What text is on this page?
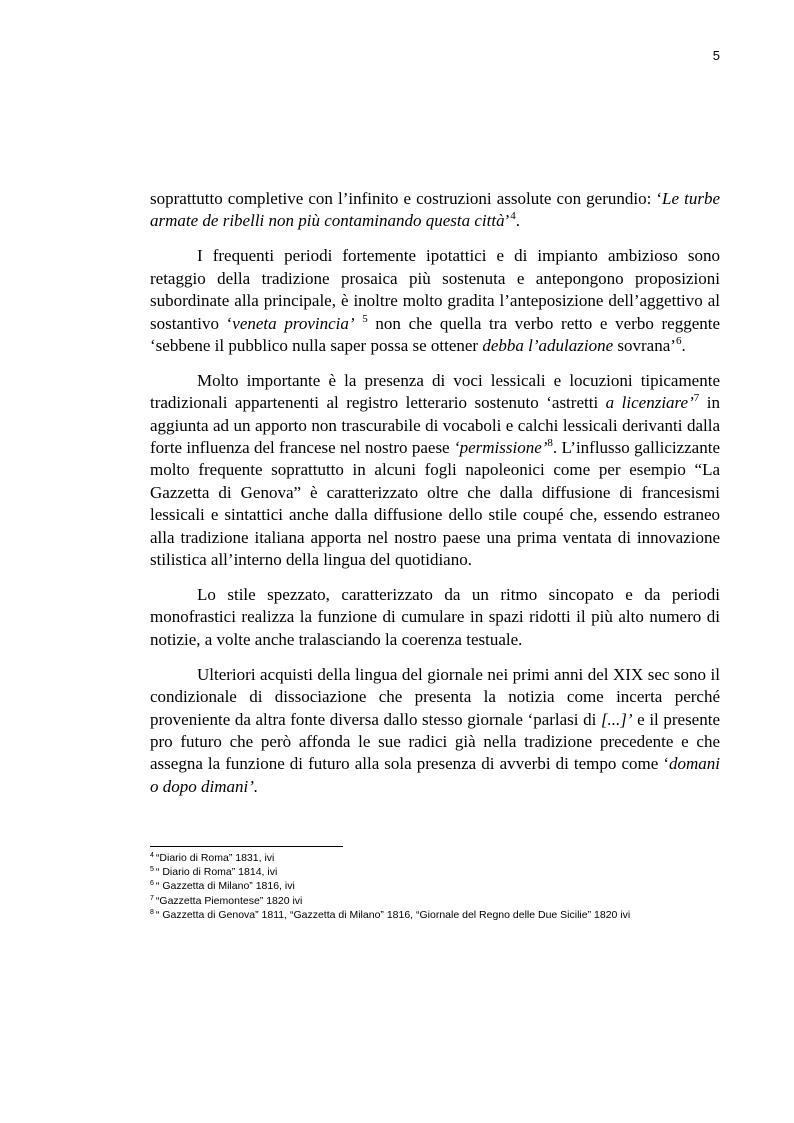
5

soprattutto completive con l’infinito e costruzioni assolute con gerundio: ‘Le turbe armate de ribelli non più contaminando questa città’$^4$.

I frequenti periodi fortemente ipotattici e di impianto ambizioso sono retaggio della tradizione prosaica più sostenuta e antepongono proposizioni subordinate alla principale, è inoltre molto gradita l’anteposizione dell’aggettivo al sostantivo ‘veneta provincia’ $^5$ non che quella tra verbo retto e verbo reggente ‘sebbene il pubblico nulla saper possa se ottener debba l’adulazione sovrana’$^6$.

Molto importante è la presenza di voci lessicali e locuzioni tipicamente tradizionali appartenenti al registro letterario sostenuto ‘astretti a licenziare’$^7$ in aggiunta ad un apporto non trascurabile di vocaboli e calchi lessicali derivanti dalla forte influenza del francese nel nostro paese ‘permissione’$^8$. L’influsso gallicizzante molto frequente soprattutto in alcuni fogli napoleonici come per esempio “La Gazzetta di Genova” è caratterizzato oltre che dalla diffusione di francesismi lessicali e sintattici anche dalla diffusione dello stile coupé che, essendo estraneo alla tradizione italiana apporta nel nostro paese una prima ventata di innovazione stilistica all’interno della lingua del quotidiano.

Lo stile spezzato, caratterizzato da un ritmo sincopato e da periodi monofrastici realizza la funzione di cumulare in spazi ridotti il più alto numero di notizie, a volte anche tralasciando la coerenza testuale.

Ulteriori acquisti della lingua del giornale nei primi anni del XIX sec sono il condizionale di dissociazione che presenta la notizia come incerta perché proveniente da altra fonte diversa dallo stesso giornale ‘parlasi di [...]’ e il presente pro futuro che però affonda le sue radici già nella tradizione precedente e che assegna la funzione di futuro alla sola presenza di avverbi di tempo come ‘domani o dopo dimani’.

$^4$ “Diario di Roma” 1831, ivi
$^5$ “ Diario di Roma” 1814, ivi
$^6$ “ Gazzetta di Milano” 1816, ivi
$^7$ “Gazzetta Piemontese” 1820 ivi
$^8$ “ Gazzetta di Genova” 1811, “Gazzetta di Milano” 1816, “Giornale del Regno delle Due Sicilie” 1820 ivi
